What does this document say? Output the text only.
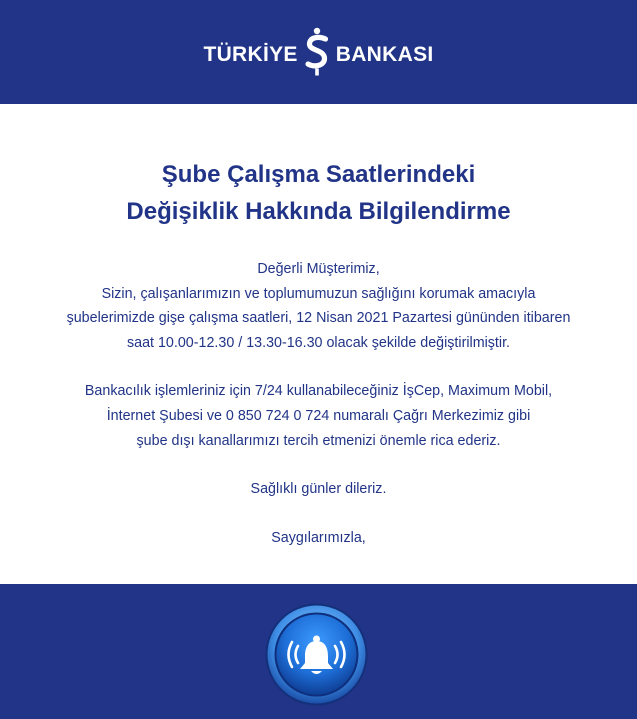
TÜRKİYE BANKASI
Şube Çalışma Saatlerindeki
Değişiklik Hakkında Bilgilendirme

Değerli Müşterimiz,

Sizin, çalışanlarımızın ve toplumumuzun sağlığını korumak amacıyla

şubelerimizde gişe çalışma saatleri, 12 Nisan 2021 Pazartesi gününden itibaren

saat 10.00-12.30 / 13.30-16.30 olacak şekilde değiştirilmiştir.

Bankacılık işlemleriniz için 7/24 kullanabileceğiniz İşCep, Maximum Mobil,

İnternet Şubesi ve 0 850 724 0 724 numaralı Çağrı Merkezimiz gibi

şube dışı kanallarımızı tercih etmenizi önemle rica ederiz.

Sağlıklı günler dileriz.

Saygılarımızla,
